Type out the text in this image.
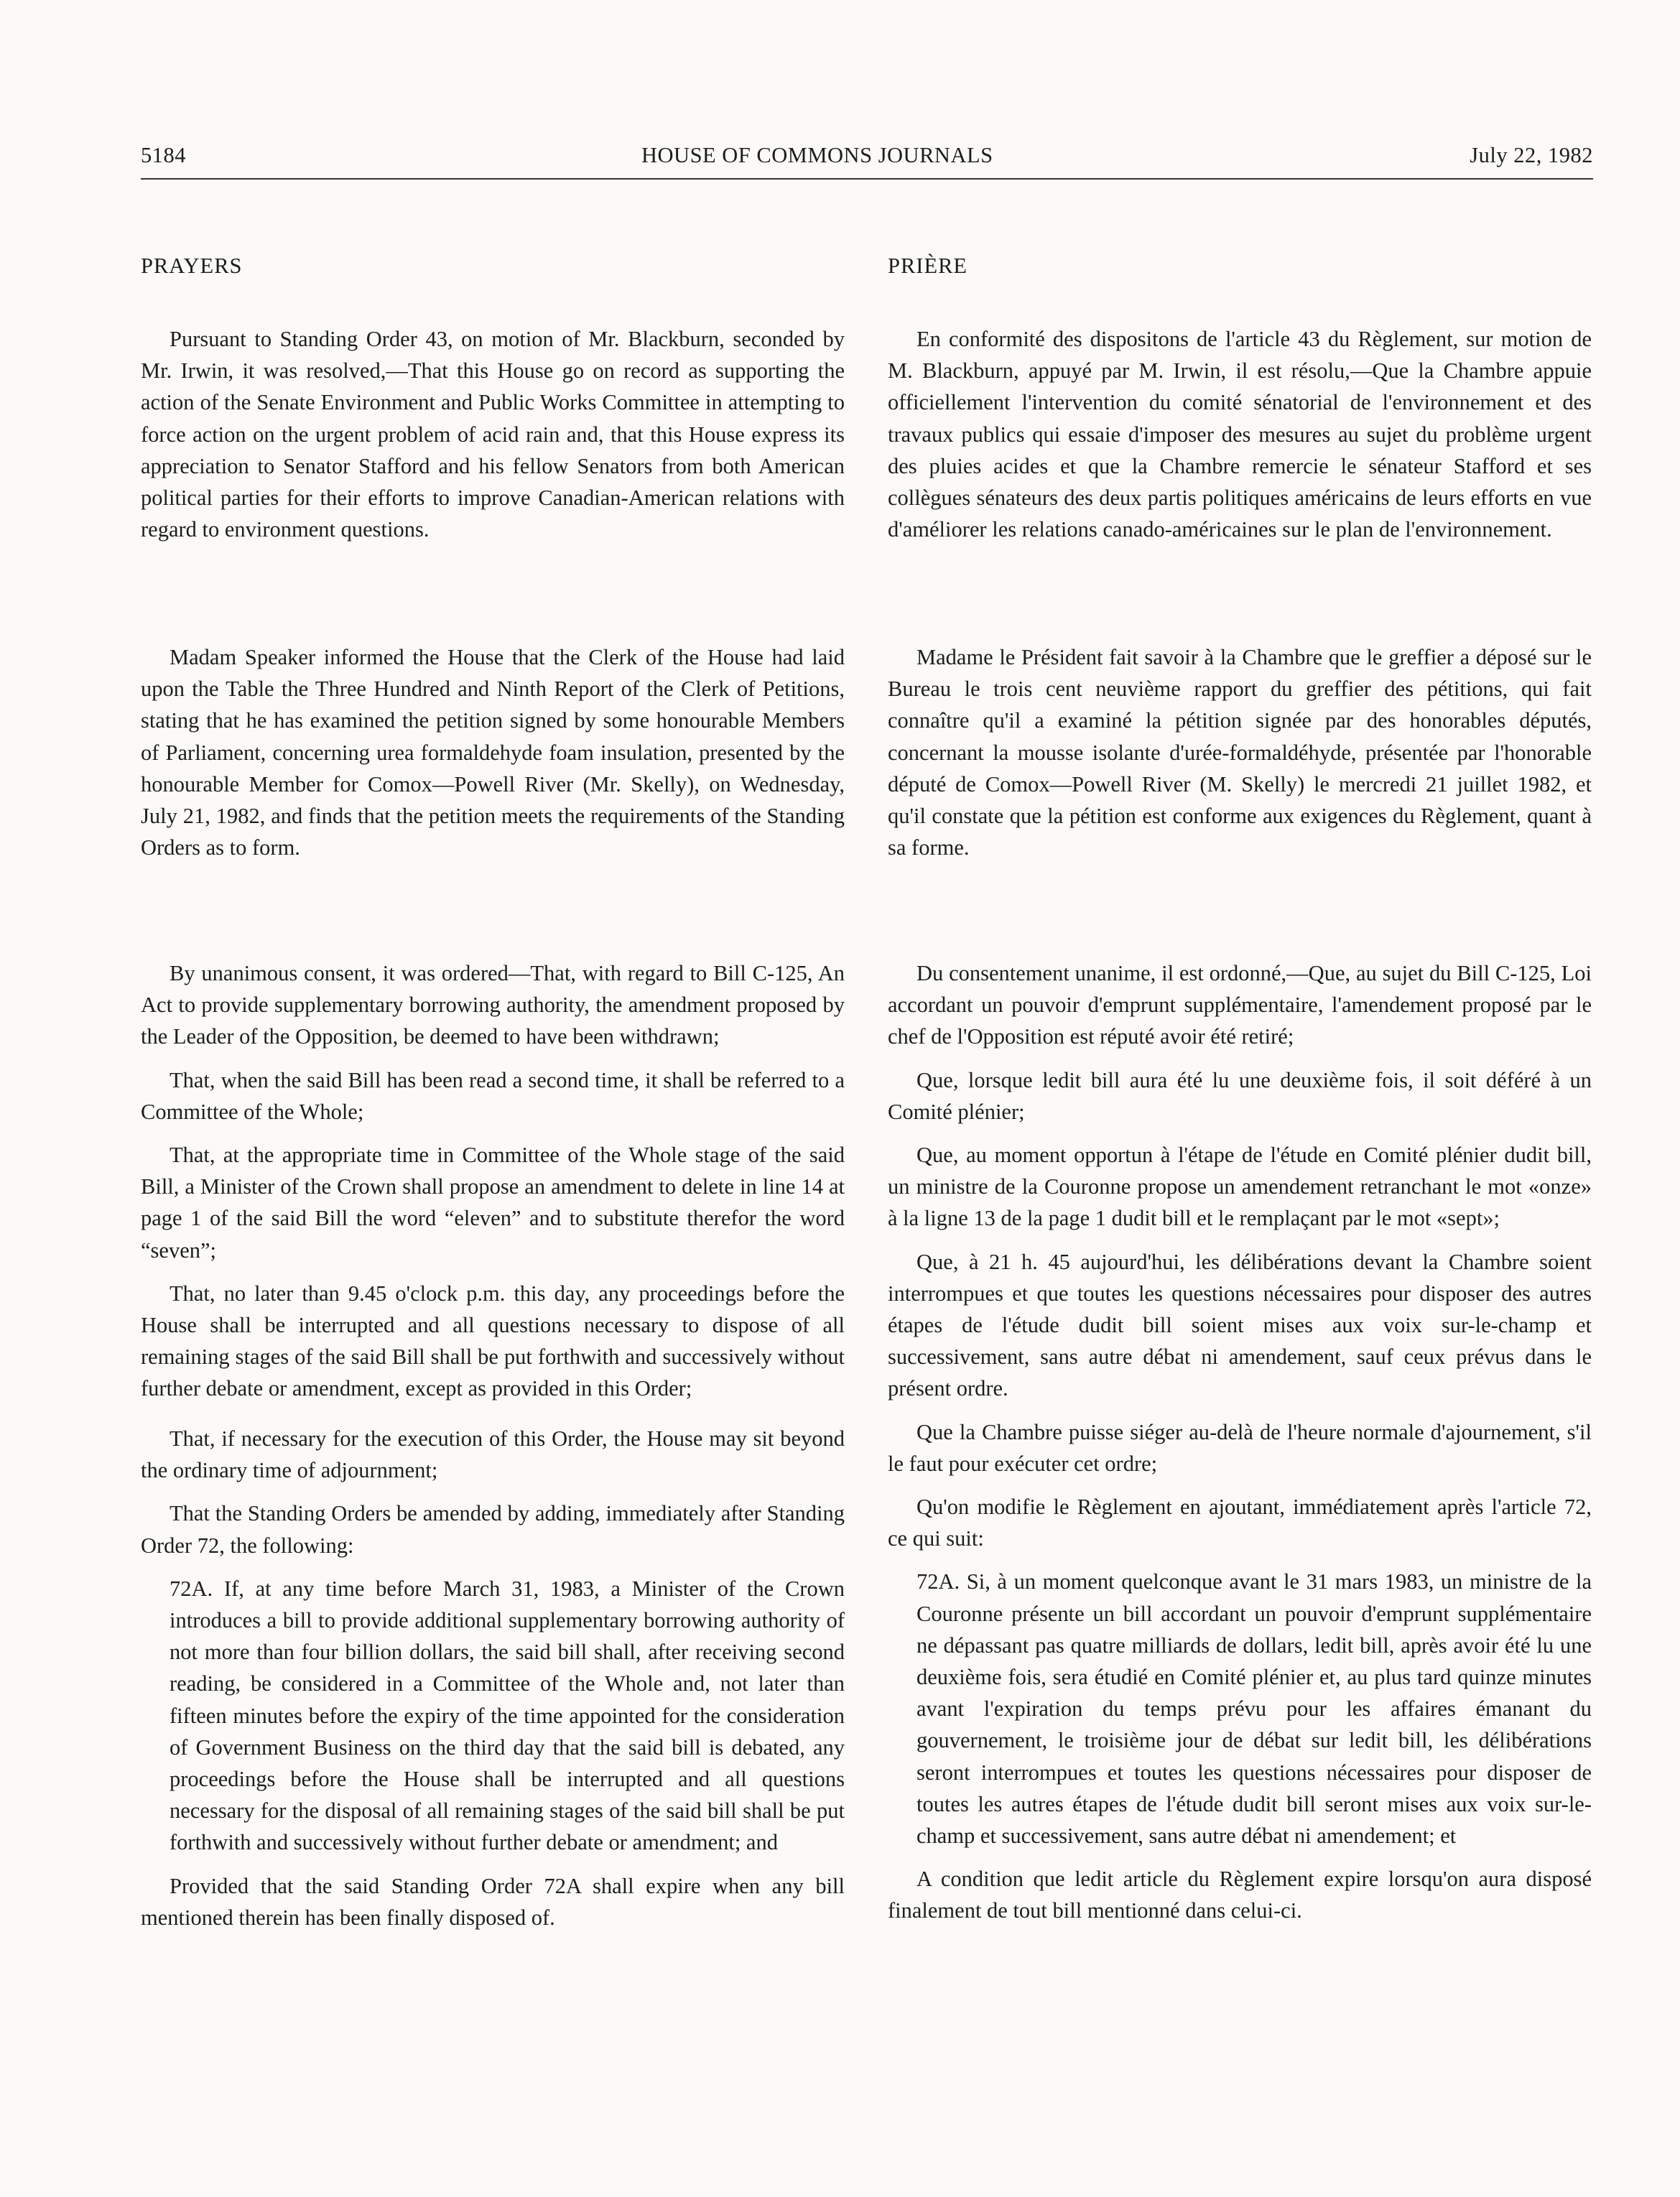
5184	HOUSE OF COMMONS JOURNALS	July 22, 1982
PRAYERS

Pursuant to Standing Order 43, on motion of Mr. Blackburn, seconded by Mr. Irwin, it was resolved,—That this House go on record as supporting the action of the Senate Environment and Public Works Committee in attempting to force action on the urgent problem of acid rain and, that this House express its appreciation to Senator Stafford and his fellow Senators from both American political parties for their efforts to improve Canadian-American relations with regard to environment questions.

Madam Speaker informed the House that the Clerk of the House had laid upon the Table the Three Hundred and Ninth Report of the Clerk of Petitions, stating that he has examined the petition signed by some honourable Members of Parliament, concerning urea formaldehyde foam insulation, presented by the honourable Member for Comox—Powell River (Mr. Skelly), on Wednesday, July 21, 1982, and finds that the petition meets the requirements of the Standing Orders as to form.

By unanimous consent, it was ordered—That, with regard to Bill C-125, An Act to provide supplementary borrowing authority, the amendment proposed by the Leader of the Opposition, be deemed to have been withdrawn;

That, when the said Bill has been read a second time, it shall be referred to a Committee of the Whole;

That, at the appropriate time in Committee of the Whole stage of the said Bill, a Minister of the Crown shall propose an amendment to delete in line 14 at page 1 of the said Bill the word “eleven” and to substitute therefor the word “seven”;

That, no later than 9.45 o'clock p.m. this day, any proceedings before the House shall be interrupted and all questions necessary to dispose of all remaining stages of the said Bill shall be put forthwith and successively without further debate or amendment, except as provided in this Order;

That, if necessary for the execution of this Order, the House may sit beyond the ordinary time of adjournment;

That the Standing Orders be amended by adding, immediately after Standing Order 72, the following:

72A. If, at any time before March 31, 1983, a Minister of the Crown introduces a bill to provide additional supplementary borrowing authority of not more than four billion dollars, the said bill shall, after receiving second reading, be considered in a Committee of the Whole and, not later than fifteen minutes before the expiry of the time appointed for the consideration of Government Business on the third day that the said bill is debated, any proceedings before the House shall be interrupted and all questions necessary for the disposal of all remaining stages of the said bill shall be put forthwith and successively without further debate or amendment; and

Provided that the said Standing Order 72A shall expire when any bill mentioned therein has been finally disposed of.

PRIÈRE

En conformité des dispositons de l'article 43 du Règlement, sur motion de M. Blackburn, appuyé par M. Irwin, il est résolu,—Que la Chambre appuie officiellement l'intervention du comité sénatorial de l'environnement et des travaux publics qui essaie d'imposer des mesures au sujet du problème urgent des pluies acides et que la Chambre remercie le sénateur Stafford et ses collègues sénateurs des deux partis politiques américains de leurs efforts en vue d'améliorer les relations canado-américaines sur le plan de l'environnement.

Madame le Président fait savoir à la Chambre que le greffier a déposé sur le Bureau le trois cent neuvième rapport du greffier des pétitions, qui fait connaître qu'il a examiné la pétition signée par des honorables députés, concernant la mousse isolante d'urée-formaldéhyde, présentée par l'honorable député de Comox—Powell River (M. Skelly) le mercredi 21 juillet 1982, et qu'il constate que la pétition est conforme aux exigences du Règlement, quant à sa forme.

Du consentement unanime, il est ordonné,—Que, au sujet du Bill C-125, Loi accordant un pouvoir d'emprunt supplémentaire, l'amendement proposé par le chef de l'Opposition est réputé avoir été retiré;

Que, lorsque ledit bill aura été lu une deuxième fois, il soit déféré à un Comité plénier;

Que, au moment opportun à l'étape de l'étude en Comité plénier dudit bill, un ministre de la Couronne propose un amendement retranchant le mot «onze» à la ligne 13 de la page 1 dudit bill et le remplaçant par le mot «sept»;

Que, à 21 h. 45 aujourd'hui, les délibérations devant la Chambre soient interrompues et que toutes les questions nécessaires pour disposer des autres étapes de l'étude dudit bill soient mises aux voix sur-le-champ et successivement, sans autre débat ni amendement, sauf ceux prévus dans le présent ordre.

Que la Chambre puisse siéger au-delà de l'heure normale d'ajournement, s'il le faut pour exécuter cet ordre;

Qu'on modifie le Règlement en ajoutant, immédiatement après l'article 72, ce qui suit:

72A. Si, à un moment quelconque avant le 31 mars 1983, un ministre de la Couronne présente un bill accordant un pouvoir d'emprunt supplémentaire ne dépassant pas quatre milliards de dollars, ledit bill, après avoir été lu une deuxième fois, sera étudié en Comité plénier et, au plus tard quinze minutes avant l'expiration du temps prévu pour les affaires émanant du gouvernement, le troisième jour de débat sur ledit bill, les délibérations seront interrompues et toutes les questions nécessaires pour disposer de toutes les autres étapes de l'étude dudit bill seront mises aux voix sur-le-champ et successivement, sans autre débat ni amendement; et

A condition que ledit article du Règlement expire lorsqu'on aura disposé finalement de tout bill mentionné dans celui-ci.
